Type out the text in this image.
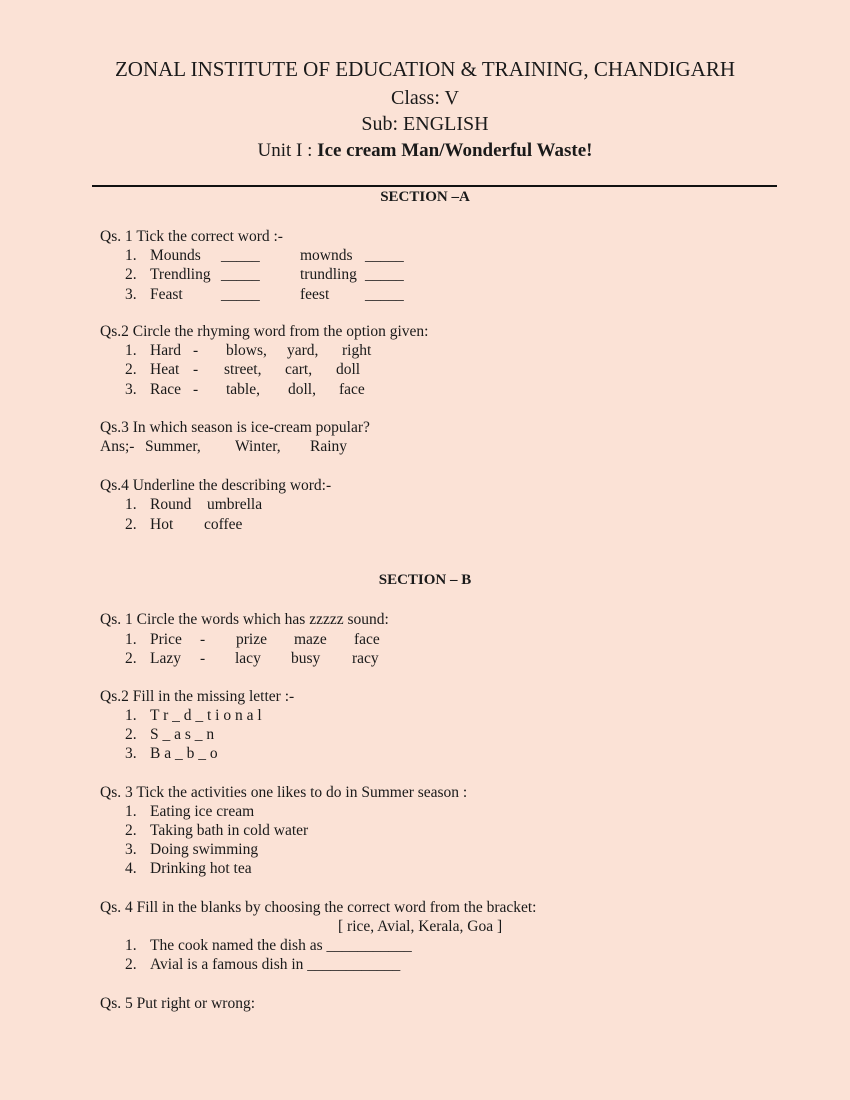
ZONAL INSTITUTE OF EDUCATION & TRAINING, CHANDIGARH
Class: V
Sub: ENGLISH
Unit I : Ice cream Man/Wonderful Waste!
SECTION –A
SECTION – B
Qs. 1 Tick the correct word :-
1. Mounds _____	mownds _____
2. Trendling _____	trundling _____
3. Feast _____	feest _____
Qs.2 Circle the rhyming word from the option given:
1. Hard - blows, yard, right
2. Heat - street, cart, doll
3. Race - table, doll, face
Qs.3 In which season is ice-cream popular?
Ans;- Summer, Winter, Rainy
Qs.4 Underline the describing word:-
1. Round umbrella
2. Hot coffee
Qs. 1 Circle the words which has zzzzz sound:
1. Price - prize maze face
2. Lazy - lacy busy racy
Qs.2 Fill in the missing letter :-
1. T r _ d _ t i o n a l
2. S _ a s _ n
3. B a _ b _ o
Qs. 3 Tick the activities one likes to do in Summer season :
1. Eating ice cream
2. Taking bath in cold water
3. Doing swimming
4. Drinking hot tea
Qs. 4 Fill in the blanks by choosing the correct word from the bracket:
[ rice, Avial, Kerala, Goa ]
1. The cook named the dish as ___________
2. Avial is a famous dish in ____________
Qs. 5 Put right or wrong:
